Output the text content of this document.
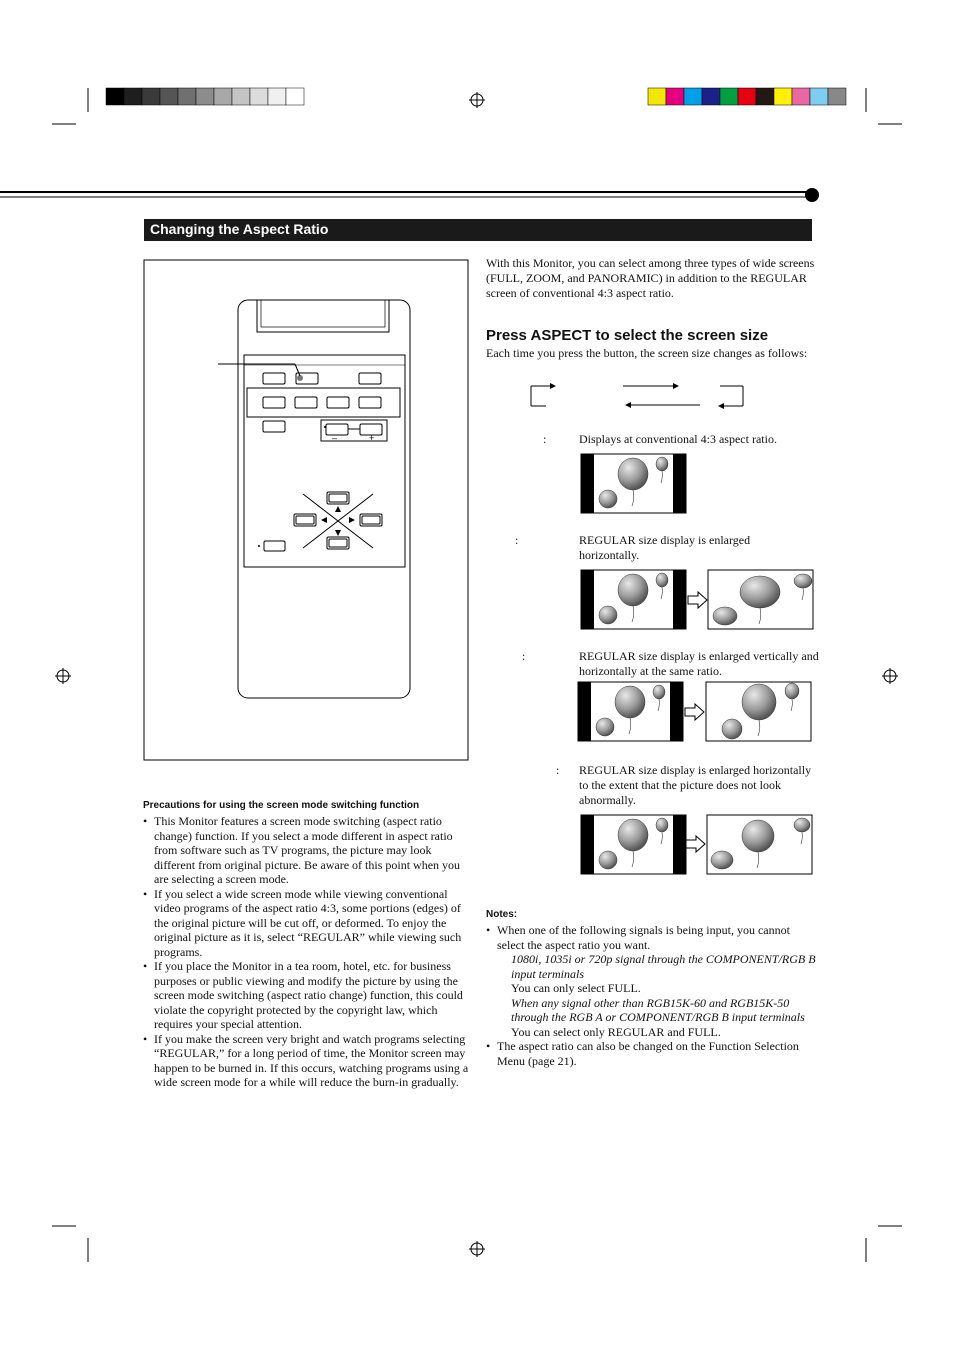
Changing the Aspect Ratio
–	+
With this Monitor, you can select among three types of wide screens (FULL, ZOOM, and PANORAMIC) in addition to the REGULAR screen of conventional 4:3 aspect ratio.
Press ASPECT to select the screen size
Each time you press the button, the screen size changes as follows:
:	Displays at conventional 4:3 aspect ratio.
:	REGULAR size display is enlarged horizontally.
:	REGULAR size display is enlarged vertically and horizontally at the same ratio.
: REGULAR size display is enlarged horizontally to the extent that the picture does not look abnormally.
Precautions for using the screen mode switching function
• This Monitor features a screen mode switching (aspect ratio change) function. If you select a mode different in aspect ratio from software such as TV programs, the picture may look different from original picture. Be aware of this point when you are selecting a screen mode.
• If you select a wide screen mode while viewing conventional video programs of the aspect ratio 4:3, some portions (edges) of the original picture will be cut off, or deformed. To enjoy the original picture as it is, select “REGULAR” while viewing such programs.
• If you place the Monitor in a tea room, hotel, etc. for business purposes or public viewing and modify the picture by using the screen mode switching (aspect ratio change) function, this could violate the copyright protected by the copyright law, which requires your special attention.
• If you make the screen very bright and watch programs selecting “REGULAR,” for a long period of time, the Monitor screen may happen to be burned in. If this occurs, watching programs using a wide screen mode for a while will reduce the burn-in gradually.
Notes:
• When one of the following signals is being input, you cannot select the aspect ratio you want.
1080i, 1035i or 720p signal through the COMPONENT/RGB B input terminals
You can only select FULL.
When any signal other than RGB15K-60 and RGB15K-50 through the RGB A or COMPONENT/RGB B input terminals
You can select only REGULAR and FULL.
• The aspect ratio can also be changed on the Function Selection Menu (page 21).
